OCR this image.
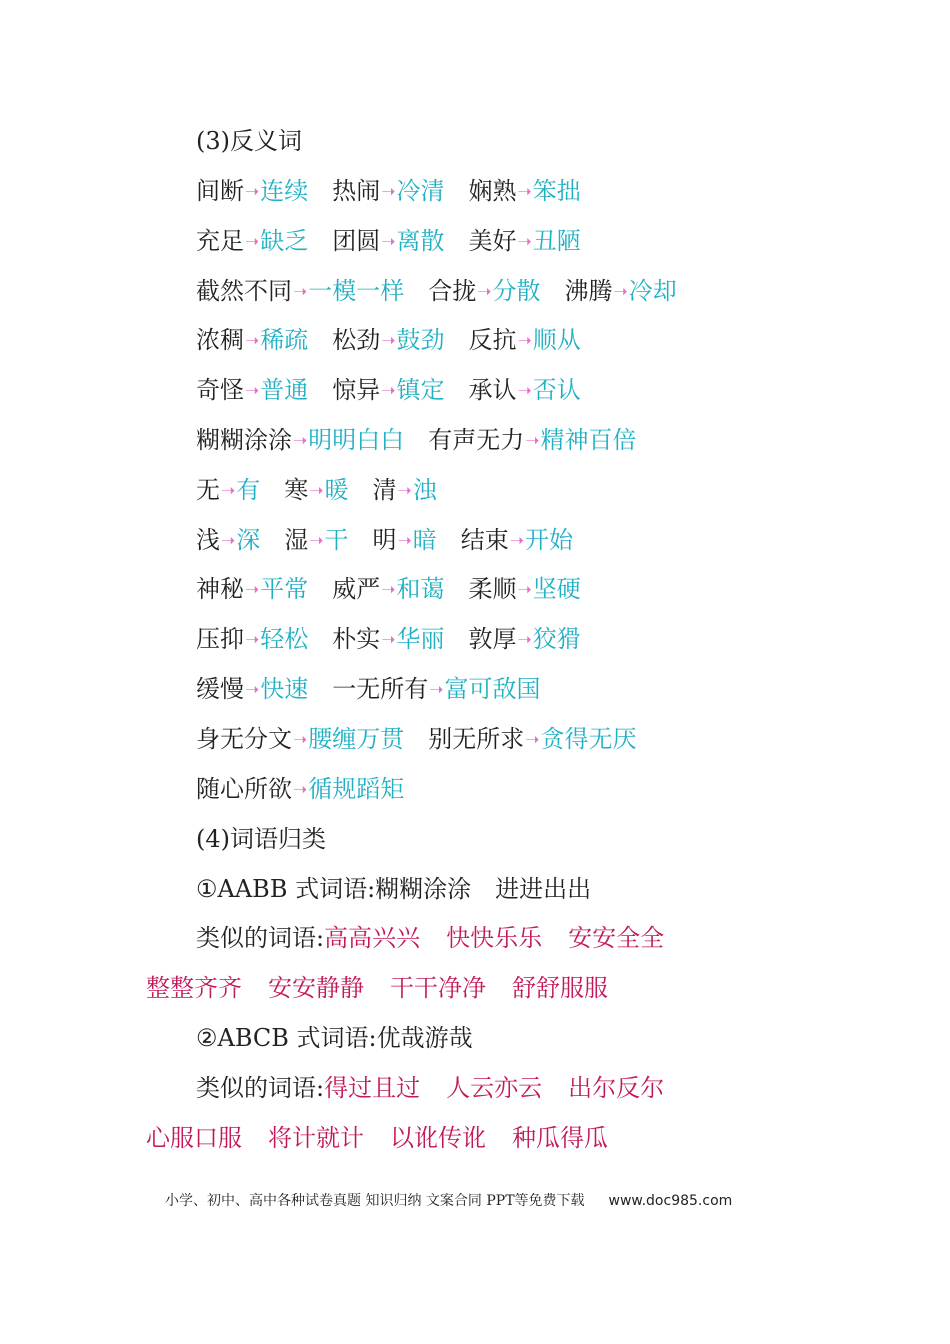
(3)反义词
间断➝连续 热闹➝冷清 娴熟➝笨拙
充足➝缺乏 团圆➝离散 美好➝丑陋
截然不同➝一模一样 合拢➝分散 沸腾➝冷却
浓稠➝稀疏 松劲➝鼓劲 反抗➝顺从
奇怪➝普通 惊异➝镇定 承认➝否认
糊糊涂涂➝明明白白 有声无力➝精神百倍
无➝有 寒➝暖 清➝浊
浅➝深 湿➝干 明➝暗 结束➝开始
神秘➝平常 威严➝和蔼 柔顺➝坚硬
压抑➝轻松 朴实➝华丽 敦厚➝狡猾
缓慢➝快速 一无所有➝富可敌国
身无分文➝腰缠万贯 别无所求➝贪得无厌
随心所欲➝循规蹈矩
(4)词语归类
①AABB 式词语:糊糊涂涂　进进出出
类似的词语:高高兴兴 快快乐乐 安安全全
整整齐齐 安安静静 干干净净 舒舒服服
②ABCB 式词语:优哉游哉
类似的词语:得过且过 人云亦云 出尔反尔
心服口服 将计就计 以讹传讹 种瓜得瓜
小学、初中、高中各种试卷真题 知识归纳 文案合同 PPT等免费下载 www.doc985.com
